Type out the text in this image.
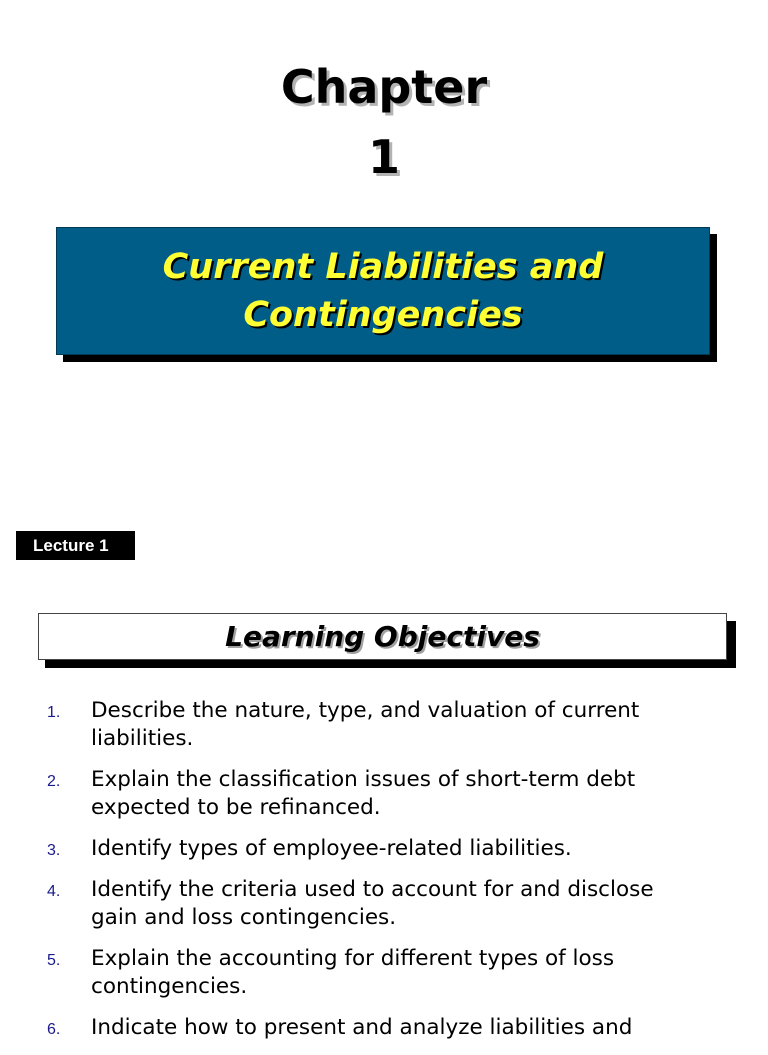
Chapter
1
Current Liabilities and
Contingencies
Lecture 1
Learning Objectives
1. Describe the nature, type, and valuation of current liabilities.
2. Explain the classification issues of short-term debt expected to be refinanced.
3. Identify types of employee-related liabilities.
4. Identify the criteria used to account for and disclose gain and loss contingencies.
5. Explain the accounting for different types of loss contingencies.
6. Indicate how to present and analyze liabilities and
